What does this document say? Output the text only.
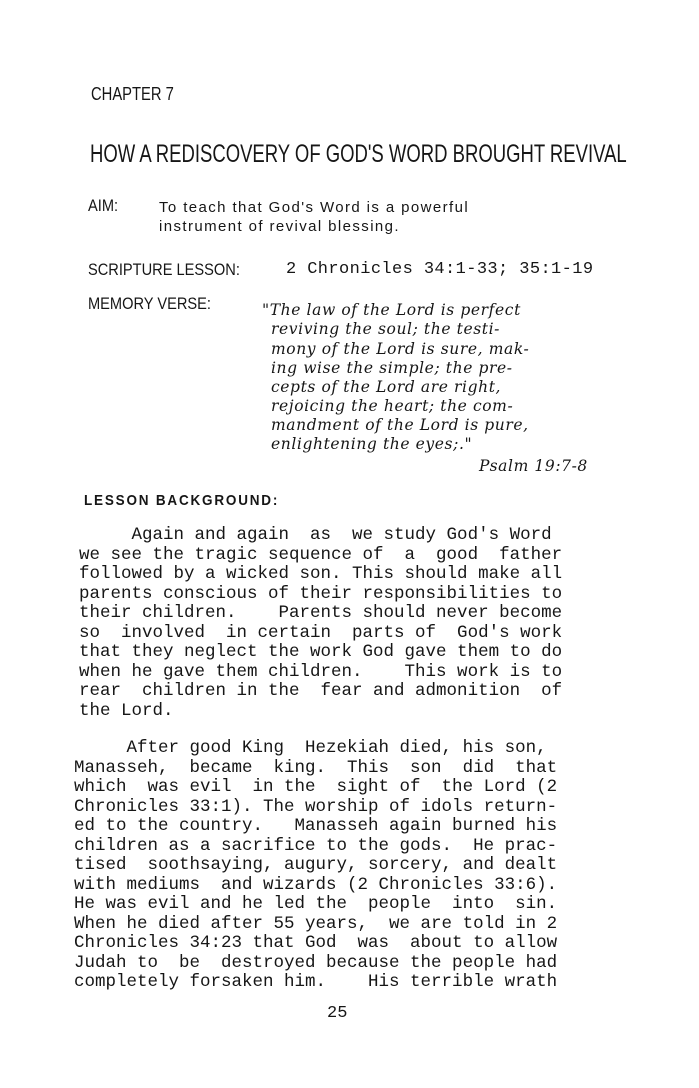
CHAPTER 7
HOW A REDISCOVERY OF GOD'S WORD BROUGHT REVIVAL
AIM:	To teach that God's Word is a powerful
instrument of revival blessing.
SCRIPTURE LESSON:	2 Chronicles 34:1-33; 35:1-19
MEMORY VERSE:	"The law of the Lord is perfect
reviving the soul; the testi-
mony of the Lord is sure, mak-
ing wise the simple; the pre-
cepts of the Lord are right,
rejoicing the heart; the com-
mandment of the Lord is pure,
enlightening the eyes;."
Psalm 19:7-8
LESSON BACKGROUND:
Again and again  as  we study God's Word
we see the tragic sequence of  a  good  father
followed by a wicked son. This should make all
parents conscious of their responsibilities to
their children.    Parents should never become
so  involved  in certain  parts of  God's work
that they neglect the work God gave them to do
when he gave them children.    This work is to
rear  children in the  fear and admonition  of
the Lord.
After good King  Hezekiah died, his son,
Manasseh,  became  king.  This  son  did  that
which  was evil  in the  sight of  the Lord (2
Chronicles 33:1). The worship of idols return-
ed to the country.   Manasseh again burned his
children as a sacrifice to the gods.  He prac-
tised  soothsaying, augury, sorcery, and dealt
with mediums  and wizards (2 Chronicles 33:6).
He was evil and he led the  people  into  sin.
When he died after 55 years,  we are told in 2
Chronicles 34:23 that God  was  about to allow
Judah to  be  destroyed because the people had
completely forsaken him.    His terrible wrath
25
